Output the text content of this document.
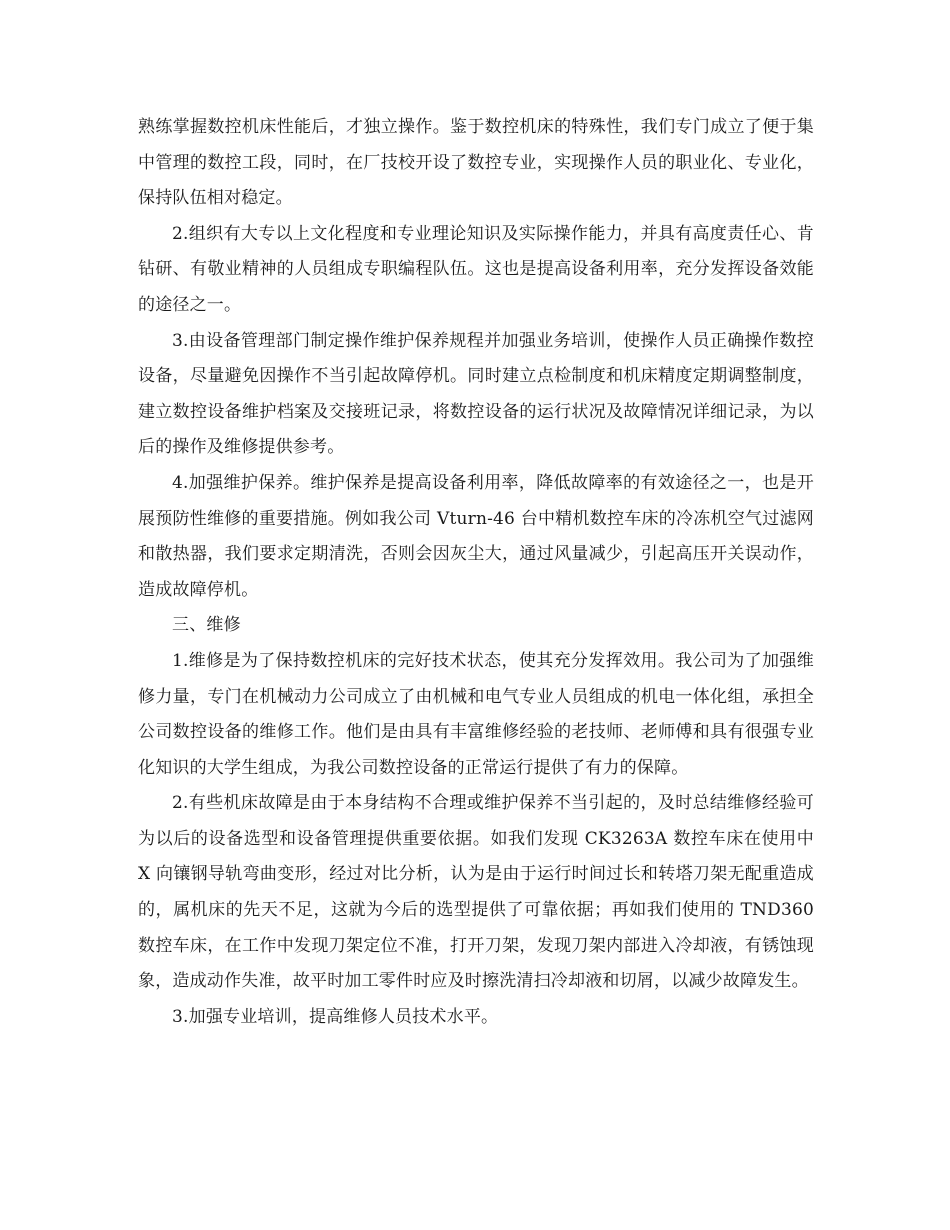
熟练掌握数控机床性能后，才独立操作。鉴于数控机床的特殊性，我们专门成立了便于集中管理的数控工段，同时，在厂技校开设了数控专业，实现操作人员的职业化、专业化，保持队伍相对稳定。

2.组织有大专以上文化程度和专业理论知识及实际操作能力，并具有高度责任心、肯钻研、有敬业精神的人员组成专职编程队伍。这也是提高设备利用率，充分发挥设备效能的途径之一。

3.由设备管理部门制定操作维护保养规程并加强业务培训，使操作人员正确操作数控设备，尽量避免因操作不当引起故障停机。同时建立点检制度和机床精度定期调整制度，建立数控设备维护档案及交接班记录，将数控设备的运行状况及故障情况详细记录，为以后的操作及维修提供参考。

4.加强维护保养。维护保养是提高设备利用率，降低故障率的有效途径之一，也是开展预防性维修的重要措施。例如我公司 Vturn-46 台中精机数控车床的冷冻机空气过滤网和散热器，我们要求定期清洗，否则会因灰尘大，通过风量减少，引起高压开关误动作，造成故障停机。

三、维修

1.维修是为了保持数控机床的完好技术状态，使其充分发挥效用。我公司为了加强维修力量，专门在机械动力公司成立了由机械和电气专业人员组成的机电一体化组，承担全公司数控设备的维修工作。他们是由具有丰富维修经验的老技师、老师傅和具有很强专业化知识的大学生组成，为我公司数控设备的正常运行提供了有力的保障。

2.有些机床故障是由于本身结构不合理或维护保养不当引起的，及时总结维修经验可为以后的设备选型和设备管理提供重要依据。如我们发现 CK3263A 数控车床在使用中 X 向镶钢导轨弯曲变形，经过对比分析，认为是由于运行时间过长和转塔刀架无配重造成的，属机床的先天不足，这就为今后的选型提供了可靠依据；再如我们使用的 TND360 数控车床，在工作中发现刀架定位不准，打开刀架，发现刀架内部进入冷却液，有锈蚀现象，造成动作失准，故平时加工零件时应及时擦洗清扫冷却液和切屑，以减少故障发生。

3.加强专业培训，提高维修人员技术水平。
